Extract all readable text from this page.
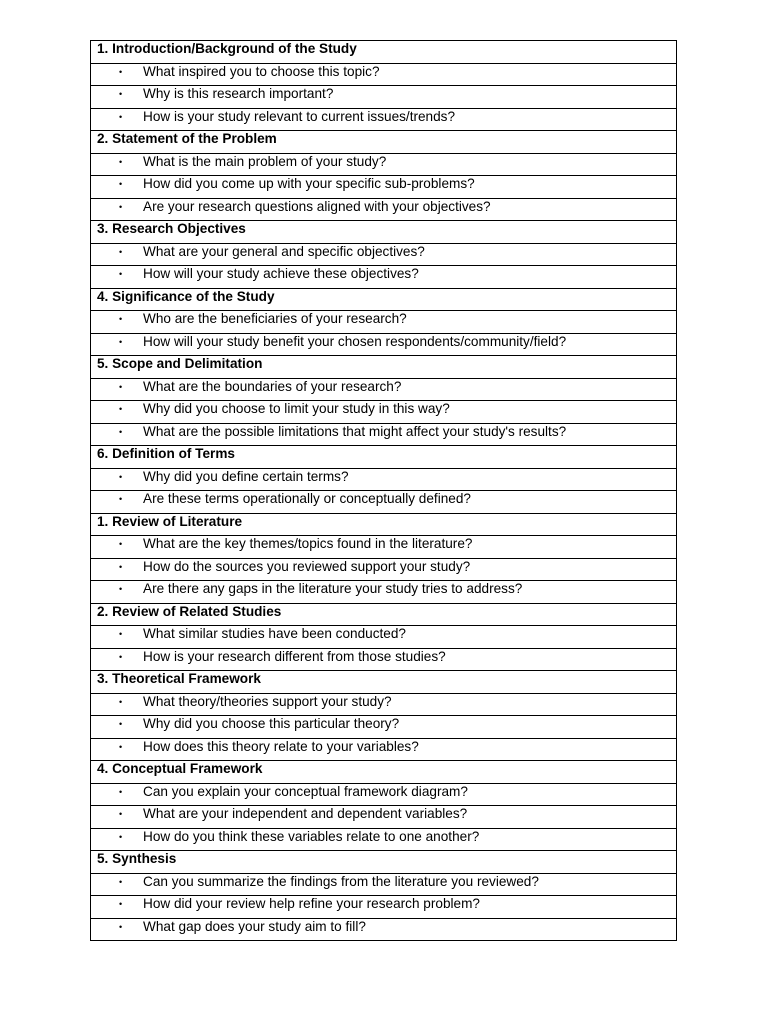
1. Introduction/Background of the Study

• What inspired you to choose this topic?

• Why is this research important?

• How is your study relevant to current issues/trends?

2. Statement of the Problem

• What is the main problem of your study?

• How did you come up with your specific sub-problems?

• Are your research questions aligned with your objectives?

3. Research Objectives

• What are your general and specific objectives?

• How will your study achieve these objectives?

4. Significance of the Study

• Who are the beneficiaries of your research?

• How will your study benefit your chosen respondents/community/field?

5. Scope and Delimitation

• What are the boundaries of your research?

• Why did you choose to limit your study in this way?

• What are the possible limitations that might affect your study's results?

6. Definition of Terms

• Why did you define certain terms?

• Are these terms operationally or conceptually defined?

1. Review of Literature

• What are the key themes/topics found in the literature?

• How do the sources you reviewed support your study?

• Are there any gaps in the literature your study tries to address?

2. Review of Related Studies

• What similar studies have been conducted?

• How is your research different from those studies?

3. Theoretical Framework

• What theory/theories support your study?

• Why did you choose this particular theory?

• How does this theory relate to your variables?

4. Conceptual Framework

• Can you explain your conceptual framework diagram?

• What are your independent and dependent variables?

• How do you think these variables relate to one another?

5. Synthesis

• Can you summarize the findings from the literature you reviewed?

• How did your review help refine your research problem?

• What gap does your study aim to fill?
